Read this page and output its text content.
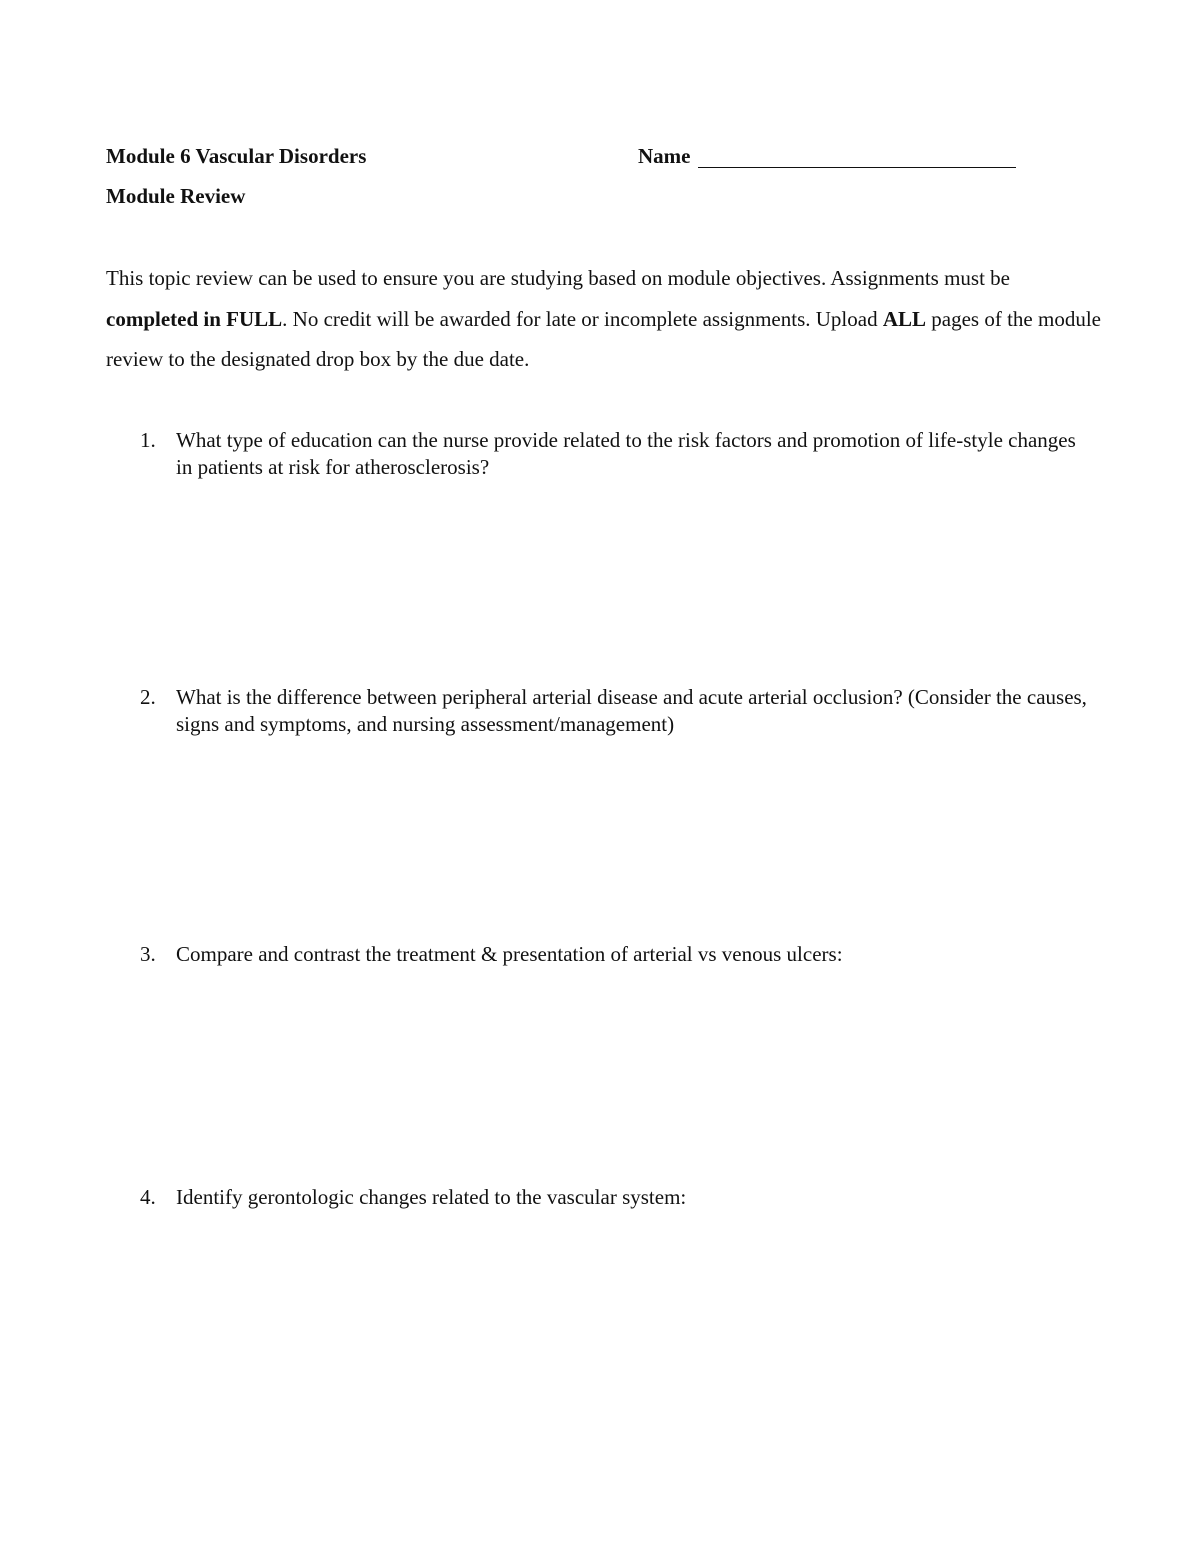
Module 6 Vascular Disorders	Name
Module Review

This topic review can be used to ensure you are studying based on module objectives. Assignments must be completed in FULL. No credit will be awarded for late or incomplete assignments. Upload ALL pages of the module review to the designated drop box by the due date.

1. What type of education can the nurse provide related to the risk factors and promotion of life-style changes in patients at risk for atherosclerosis?
2. What is the difference between peripheral arterial disease and acute arterial occlusion? (Consider the causes, signs and symptoms, and nursing assessment/management)
3. Compare and contrast the treatment & presentation of arterial vs venous ulcers:
4. Identify gerontologic changes related to the vascular system:
